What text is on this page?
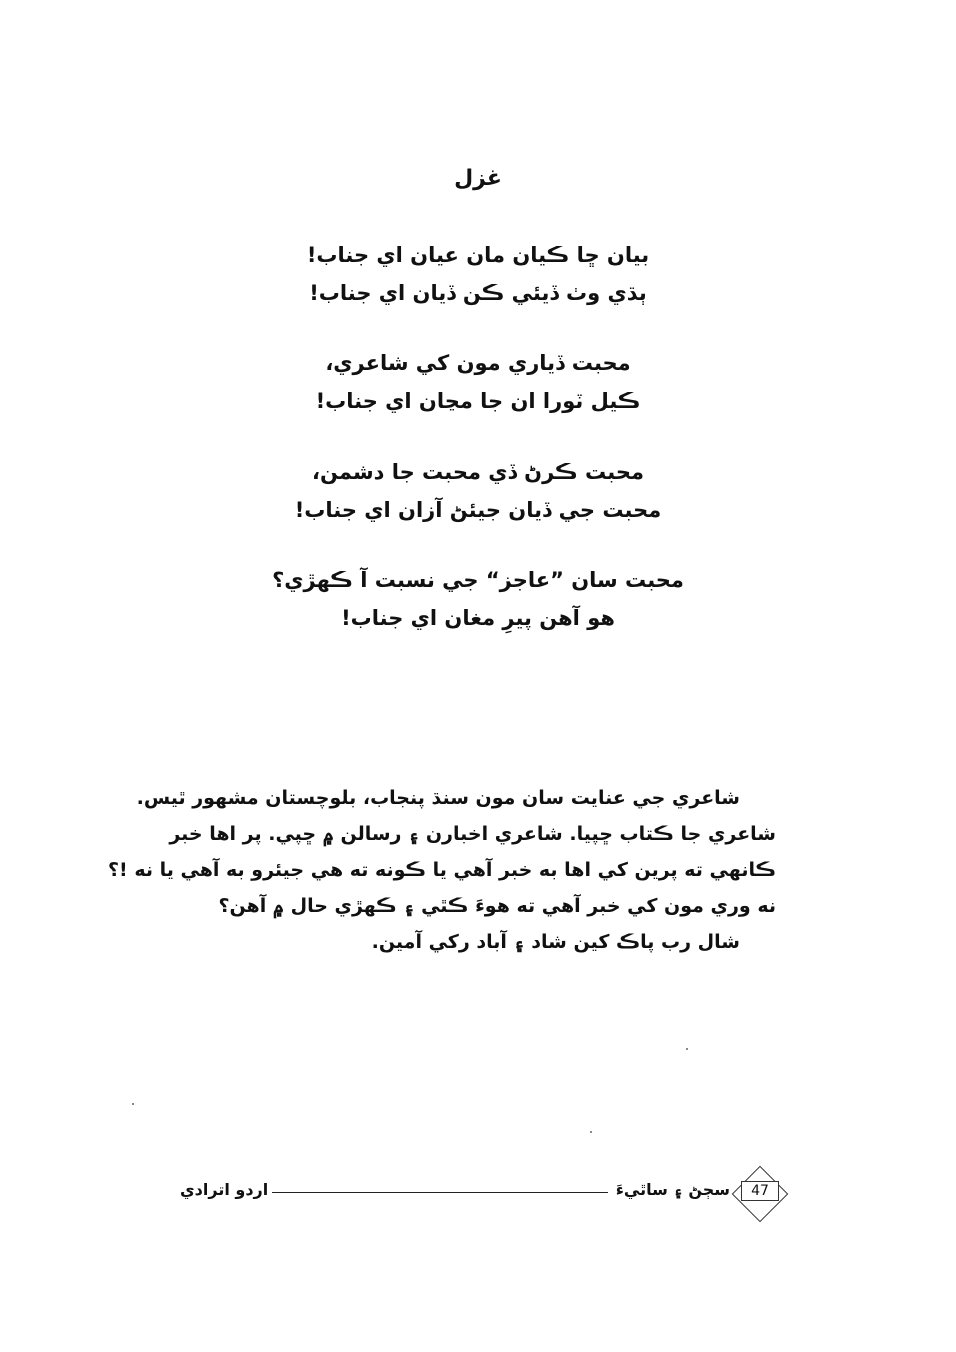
غزل
بيان ڇا ڪيان مان عيان اي جناب!
ٻڌي وٺ ڏيئي ڪن ڏيان اي جناب!
محبت ڏياري مون کي شاعري،
ڪيل ٽورا ان جا مڃان اي جناب!
محبت ڪرڻ ڏي محبت جا دشمن،
محبت جي ڏيان جيئڻ آزان اي جناب!
محبت سان ”عاجز“ جي نسبت آ ڪهڙي؟
هو آهن پيرِ مغان اي جناب!
شاعري جي عنايت سان مون سنڌ پنجاب، بلوچستان مشهور ٿيس.
شاعري جا ڪتاب ڇپيا. شاعري اخبارن ۽ رسالن ۾ ڇپي. پر اها خبر
ڪانهي ته پرين کي اها به خبر آهي يا ڪونه ته هي جيئرو به آهي يا نه !؟
نه وري مون کي خبر آهي ته هوءَ ڪٿي ۽ ڪهڙي حال ۾ آهن؟
شال رب پاڪ کين شاد ۽ آباد رکي آمين.
47
سڄڻ ۽ ساٿيءَ
اردو اترادي
